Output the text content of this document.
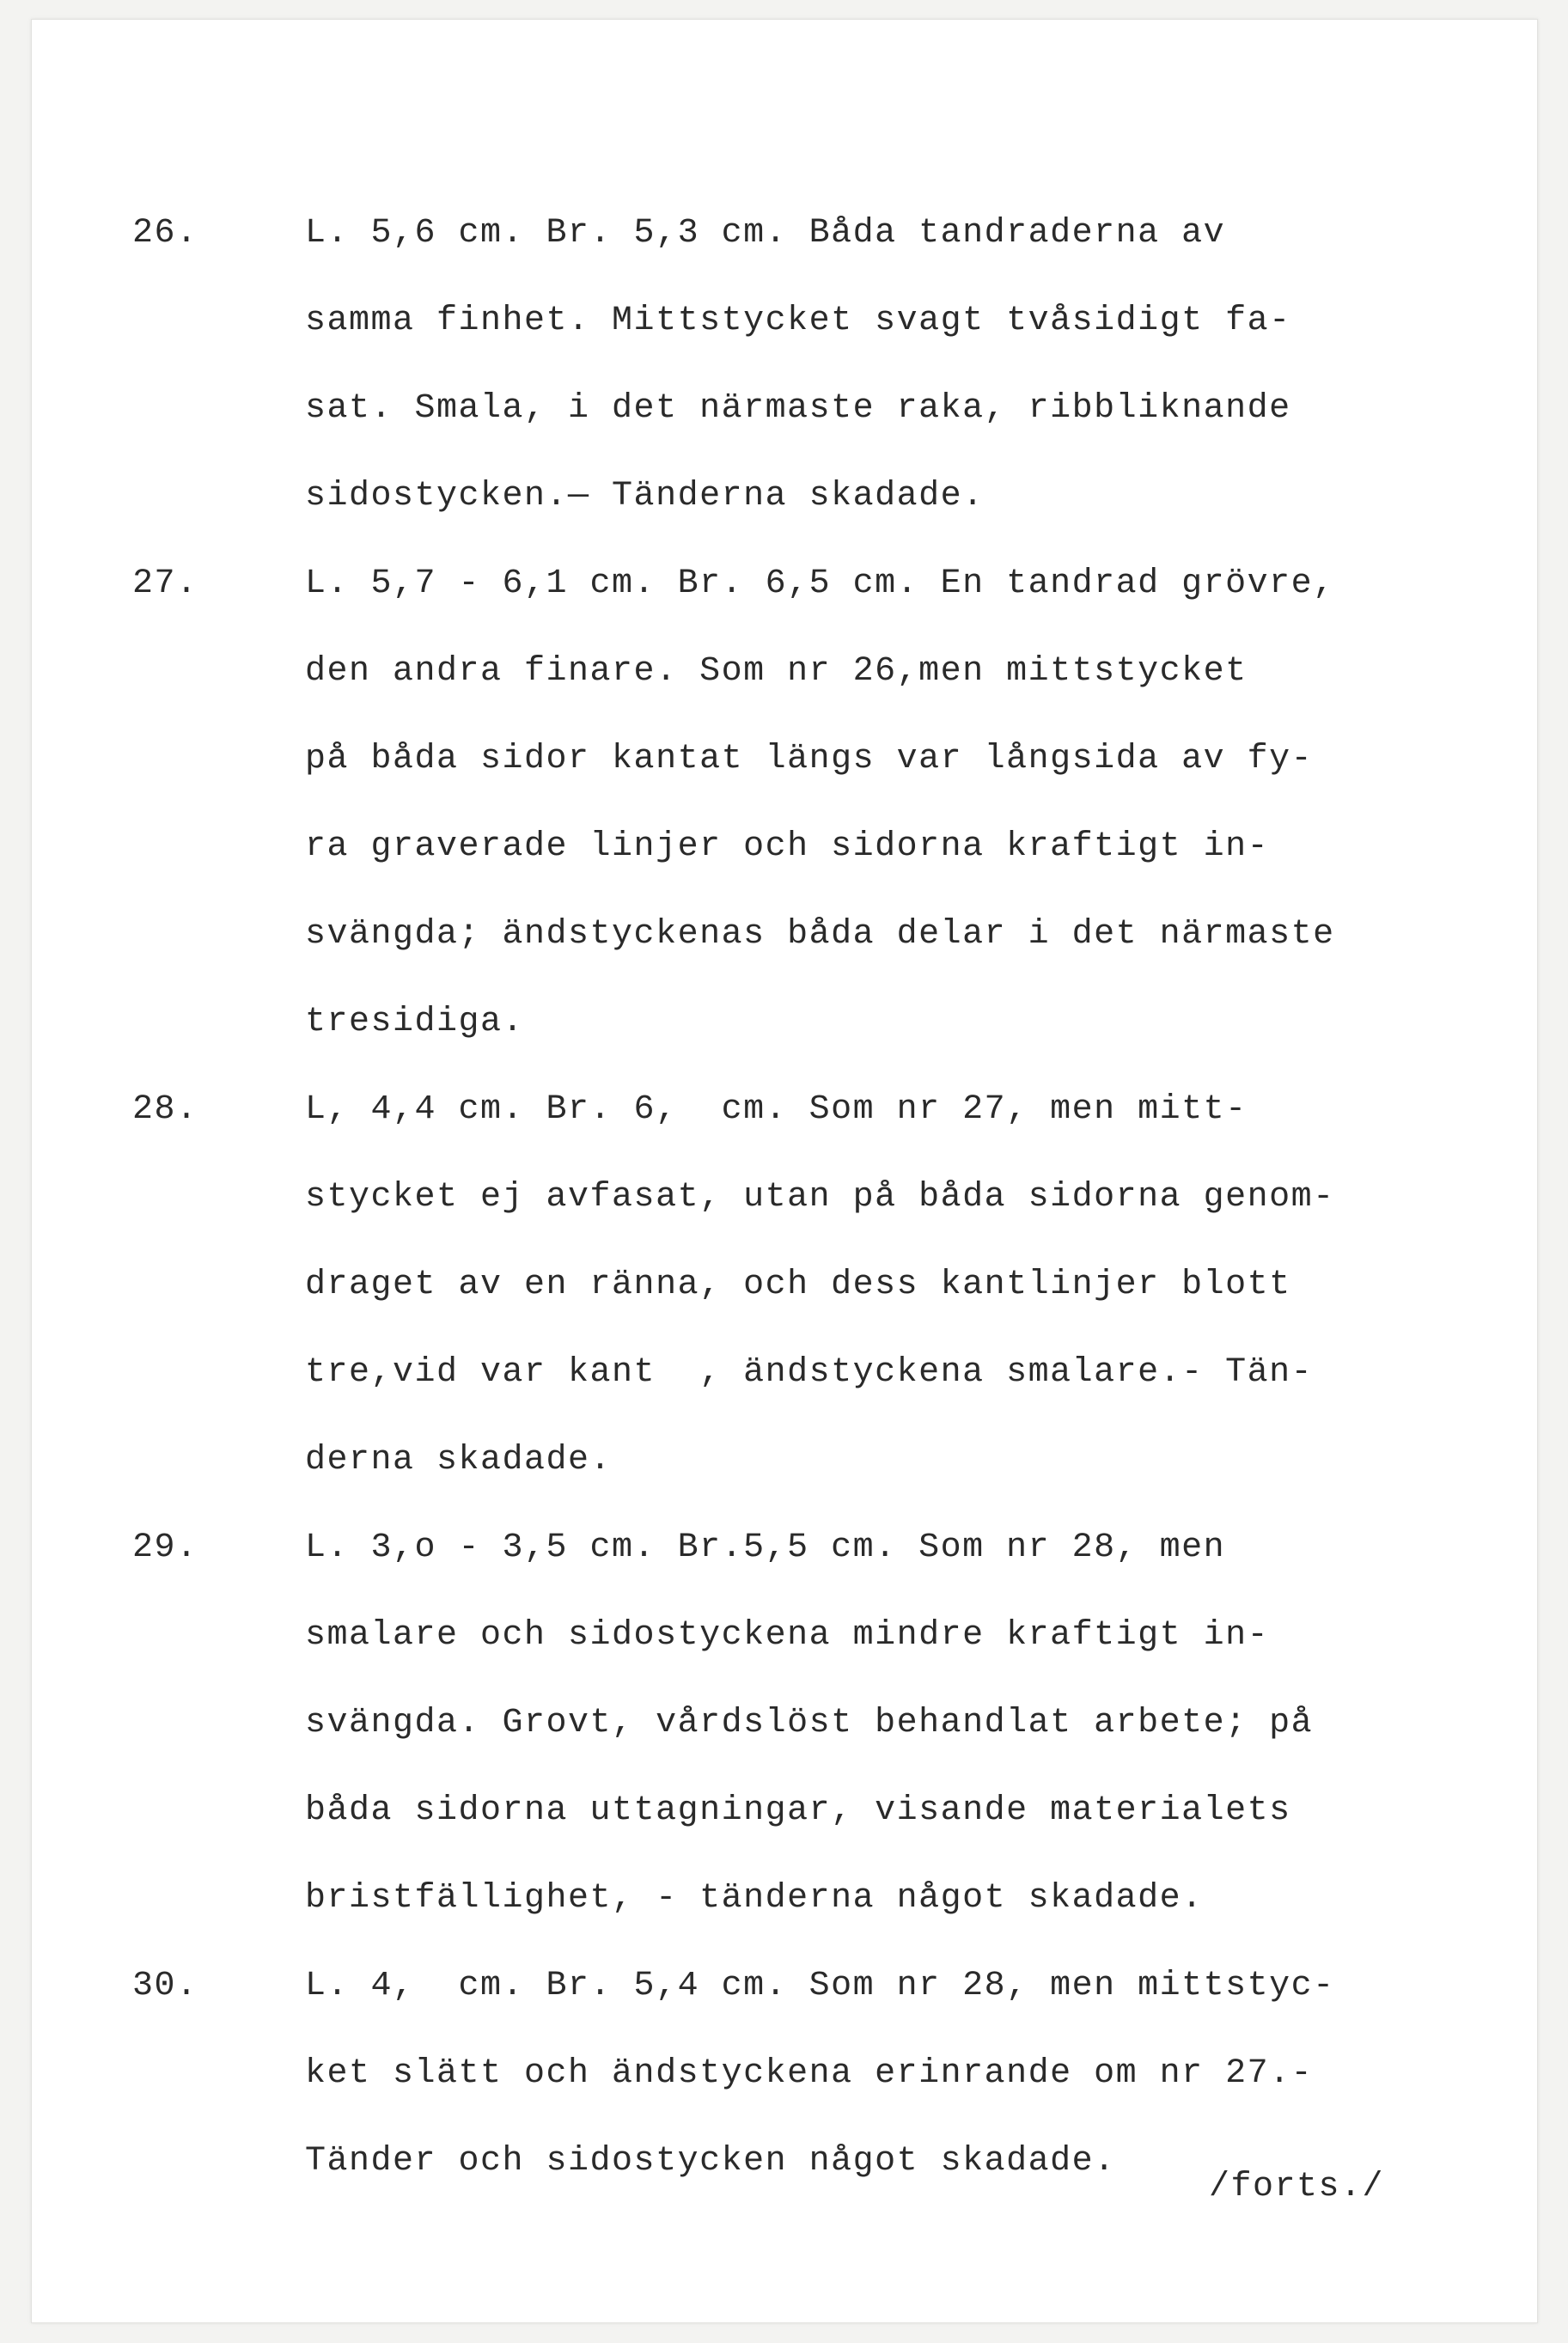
26.	L. 5,6 cm. Br. 5,3 cm. Båda tandraderna av
samma finhet. Mittstycket svagt tvåsidigt fa-
sat. Smala, i det närmaste raka, ribbliknande
sidostycken.— Tänderna skadade.
27.	L. 5,7 - 6,1 cm. Br. 6,5 cm. En tandrad grövre,
den andra finare. Som nr 26,men mittstycket
på båda sidor kantat längs var långsida av fy-
ra graverade linjer och sidorna kraftigt in-
svängda; ändstyckenas båda delar i det närmaste
tresidiga.
28.	L, 4,4 cm. Br. 6,  cm. Som nr 27, men mitt-
stycket ej avfasat, utan på båda sidorna genom-
draget av en ränna, och dess kantlinjer blott
tre,vid var kant  , ändstyckena smalare.- Tän-
derna skadade.
29.	L. 3,o - 3,5 cm. Br.5,5 cm. Som nr 28, men
smalare och sidostyckena mindre kraftigt in-
svängda. Grovt, vårdslöst behandlat arbete; på
båda sidorna uttagningar, visande materialets
bristfällighet, - tänderna något skadade.
30.	L. 4,  cm. Br. 5,4 cm. Som nr 28, men mittstyc-
ket slätt och ändstyckena erinrande om nr 27.-
Tänder och sidostycken något skadade.
/forts./
